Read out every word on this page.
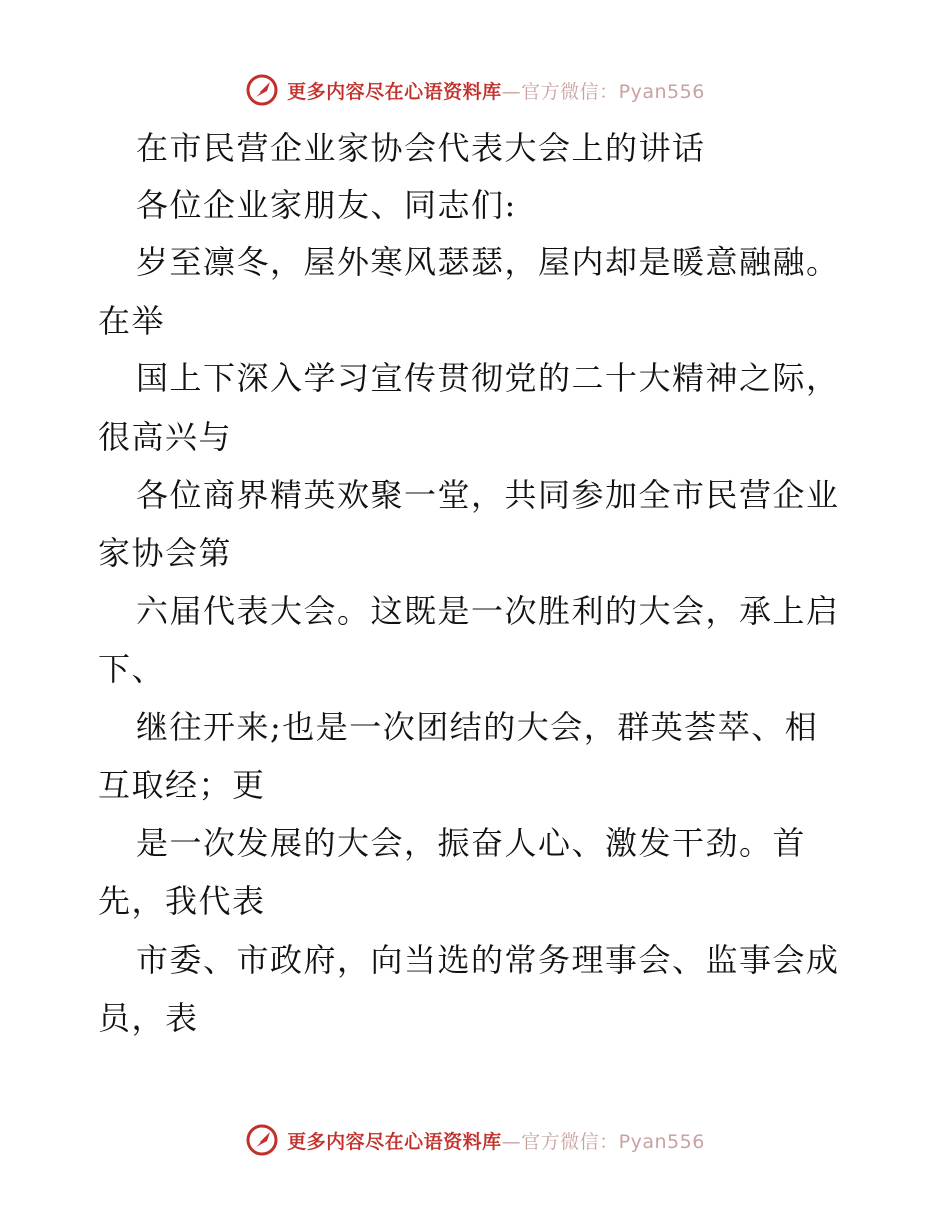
更多内容尽在心语资料库—官方微信：Pyan556
在市民营企业家协会代表大会上的讲话
各位企业家朋友、同志们:
岁至凛冬，屋外寒风瑟瑟，屋内却是暖意融融。
在举
国上下深入学习宣传贯彻党的二十大精神之际，
很高兴与
各位商界精英欢聚一堂，共同参加全市民营企业
家协会第
六届代表大会。这既是一次胜利的大会，承上启
下、
继往开来;也是一次团结的大会，群英荟萃、相
互取经；更
是一次发展的大会，振奋人心、激发干劲。首
先，我代表
市委、市政府，向当选的常务理事会、监事会成
员，表
更多内容尽在心语资料库—官方微信：Pyan556
